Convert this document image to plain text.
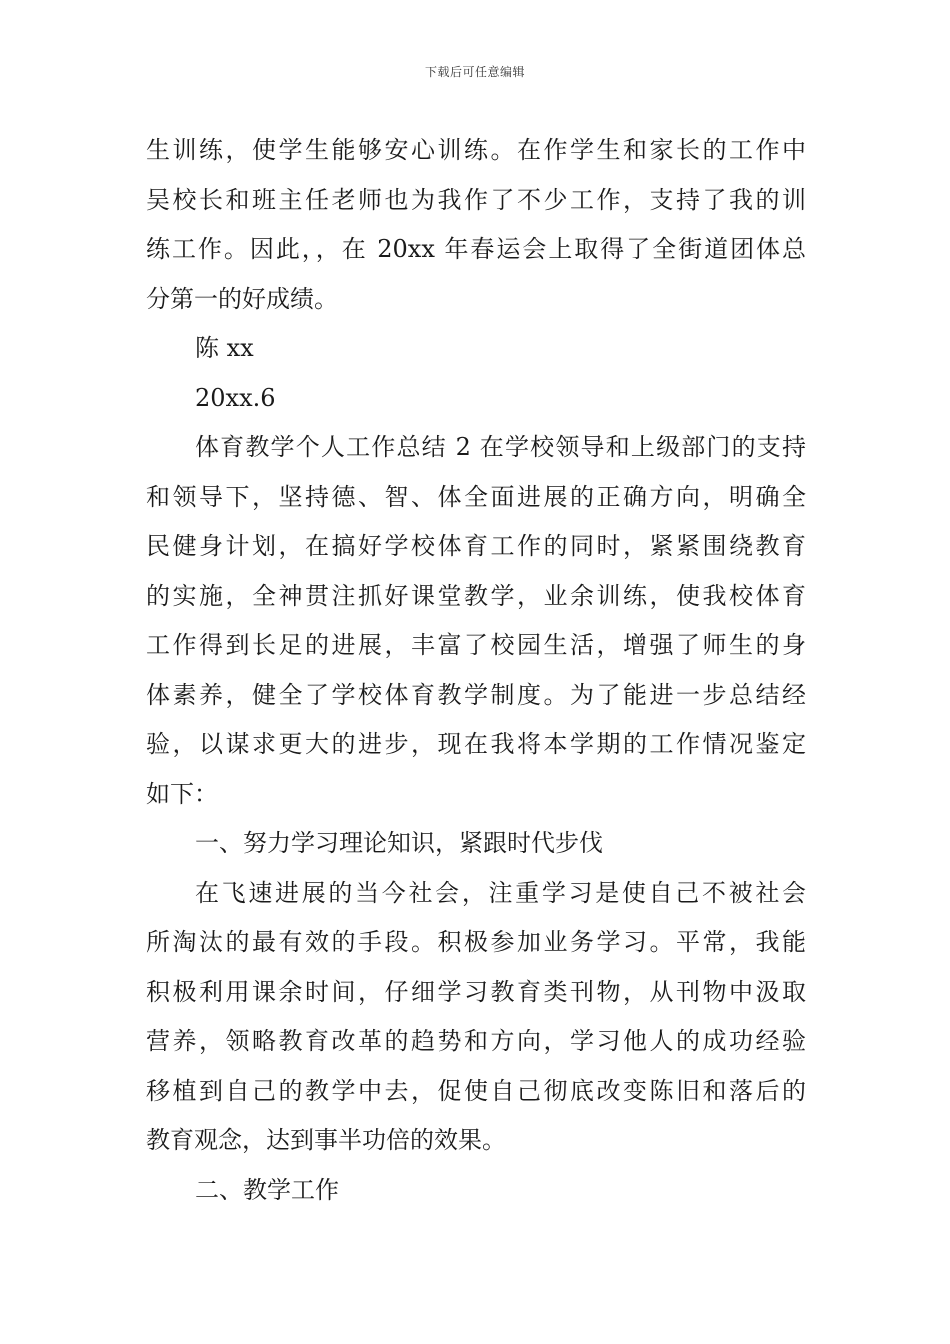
下载后可任意编辑
生训练，使学生能够安心训练。在作学生和家长的工作中
吴校长和班主任老师也为我作了不少工作，支持了我的训
练工作。因此，，在 20xx 年春运会上取得了全街道团体总
分第一的好成绩。
陈 xx
20xx.6
体育教学个人工作总结 2 在学校领导和上级部门的支持
和领导下，坚持德、智、体全面进展的正确方向，明确全
民健身计划，在搞好学校体育工作的同时，紧紧围绕教育
的实施，全神贯注抓好课堂教学，业余训练，使我校体育
工作得到长足的进展，丰富了校园生活，增强了师生的身
体素养，健全了学校体育教学制度。为了能进一步总结经
验，以谋求更大的进步，现在我将本学期的工作情况鉴定
如下：
一、努力学习理论知识，紧跟时代步伐
在飞速进展的当今社会，注重学习是使自己不被社会
所淘汰的最有效的手段。积极参加业务学习。平常，我能
积极利用课余时间，仔细学习教育类刊物，从刊物中汲取
营养，领略教育改革的趋势和方向，学习他人的成功经验
移植到自己的教学中去，促使自己彻底改变陈旧和落后的
教育观念，达到事半功倍的效果。
二、教学工作
